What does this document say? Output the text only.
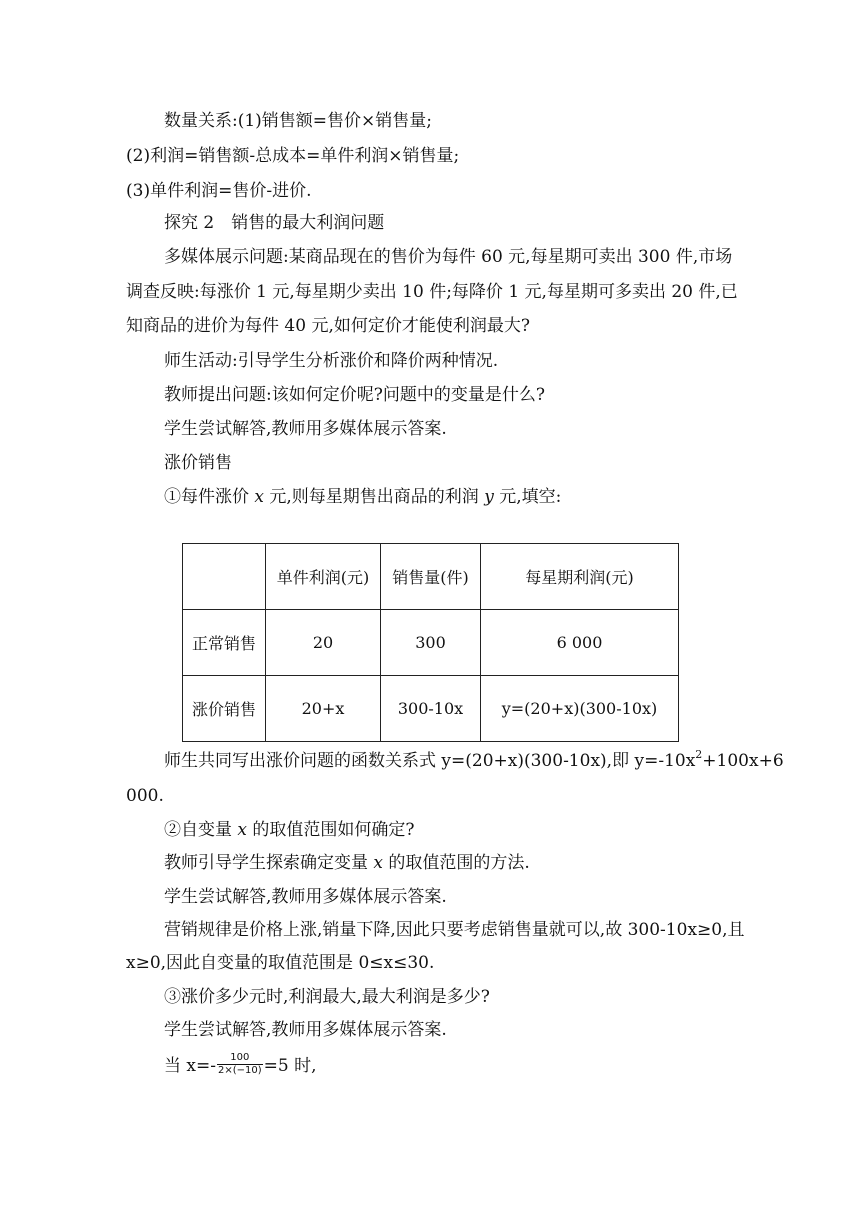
数量关系:(1)销售额=售价×销售量;

(2)利润=销售额-总成本=单件利润×销售量;

(3)单件利润=售价-进价.

探究 2　销售的最大利润问题

多媒体展示问题:某商品现在的售价为每件 60 元,每星期可卖出 300 件,市场

调查反映:每涨价 1 元,每星期少卖出 10 件;每降价 1 元,每星期可多卖出 20 件,已

知商品的进价为每件 40 元,如何定价才能使利润最大?

师生活动:引导学生分析涨价和降价两种情况.

教师提出问题:该如何定价呢?问题中的变量是什么?

学生尝试解答,教师用多媒体展示答案.

涨价销售

①每件涨价 x 元,则每星期售出商品的利润 y 元,填空:

	单件利润(元)	销售量(件)	每星期利润(元)
正常销售	20	300	6 000
涨价销售	20+x	300-10x	y=(20+x)(300-10x)

师生共同写出涨价问题的函数关系式 y=(20+x)(300-10x),即 $y=-10x^2+100x+6$

000.

②自变量 x 的取值范围如何确定?

教师引导学生探索确定变量 x 的取值范围的方法.

学生尝试解答,教师用多媒体展示答案.

营销规律是价格上涨,销量下降,因此只要考虑销售量就可以,故 300-10x≥0,且

x≥0,因此自变量的取值范围是 0≤x≤30.

③涨价多少元时,利润最大,最大利润是多少?

学生尝试解答,教师用多媒体展示答案.

当 $x=- \frac{100}{2\times(-10)} =5$ 时,
